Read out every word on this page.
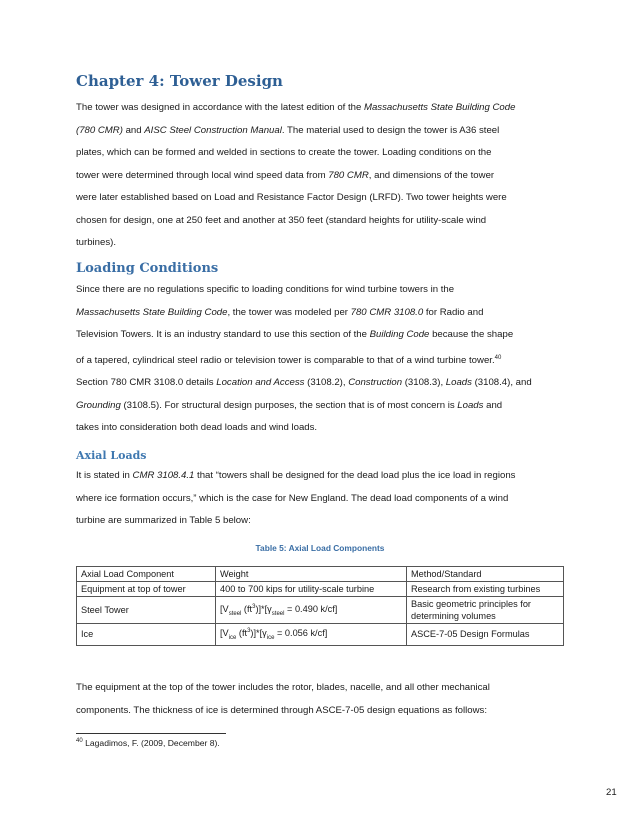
Chapter 4: Tower Design
The tower was designed in accordance with the latest edition of the Massachusetts State Building Code
(780 CMR) and AISC Steel Construction Manual. The material used to design the tower is A36 steel
plates, which can be formed and welded in sections to create the tower. Loading conditions on the
tower were determined through local wind speed data from 780 CMR, and dimensions of the tower
were later established based on Load and Resistance Factor Design (LRFD). Two tower heights were
chosen for design, one at 250 feet and another at 350 feet (standard heights for utility-scale wind
turbines).
Loading Conditions
Since there are no regulations specific to loading conditions for wind turbine towers in the
Massachusetts State Building Code, the tower was modeled per 780 CMR 3108.0 for Radio and
Television Towers. It is an industry standard to use this section of the Building Code because the shape
of a tapered, cylindrical steel radio or television tower is comparable to that of a wind turbine tower.$^{40}$
Section 780 CMR 3108.0 details Location and Access (3108.2), Construction (3108.3), Loads (3108.4), and
Grounding (3108.5). For structural design purposes, the section that is of most concern is Loads and
takes into consideration both dead loads and wind loads.
Axial Loads
It is stated in CMR 3108.4.1 that “towers shall be designed for the dead load plus the ice load in regions
where ice formation occurs,” which is the case for New England. The dead load components of a wind
turbine are summarized in Table 5 below:
Table 5: Axial Load Components
Axial Load Component	Weight	Method/Standard
Equipment at top of tower	400 to 700 kips for utility-scale turbine	Research from existing turbines
Steel Tower	[$V_{steel}$ $(ft^3)]*[\gamma_{steel} = 0.490$ k/cf]	Basic geometric principles for determining volumes
Ice	[$V_{ice}$ $(ft^3)]*[\gamma_{ice} = 0.056$ k/cf]	ASCE-7-05 Design Formulas
The equipment at the top of the tower includes the rotor, blades, nacelle, and all other mechanical
components. The thickness of ice is determined through ASCE-7-05 design equations as follows:
$^{40}$ Lagadimos, F. (2009, December 8).
21
